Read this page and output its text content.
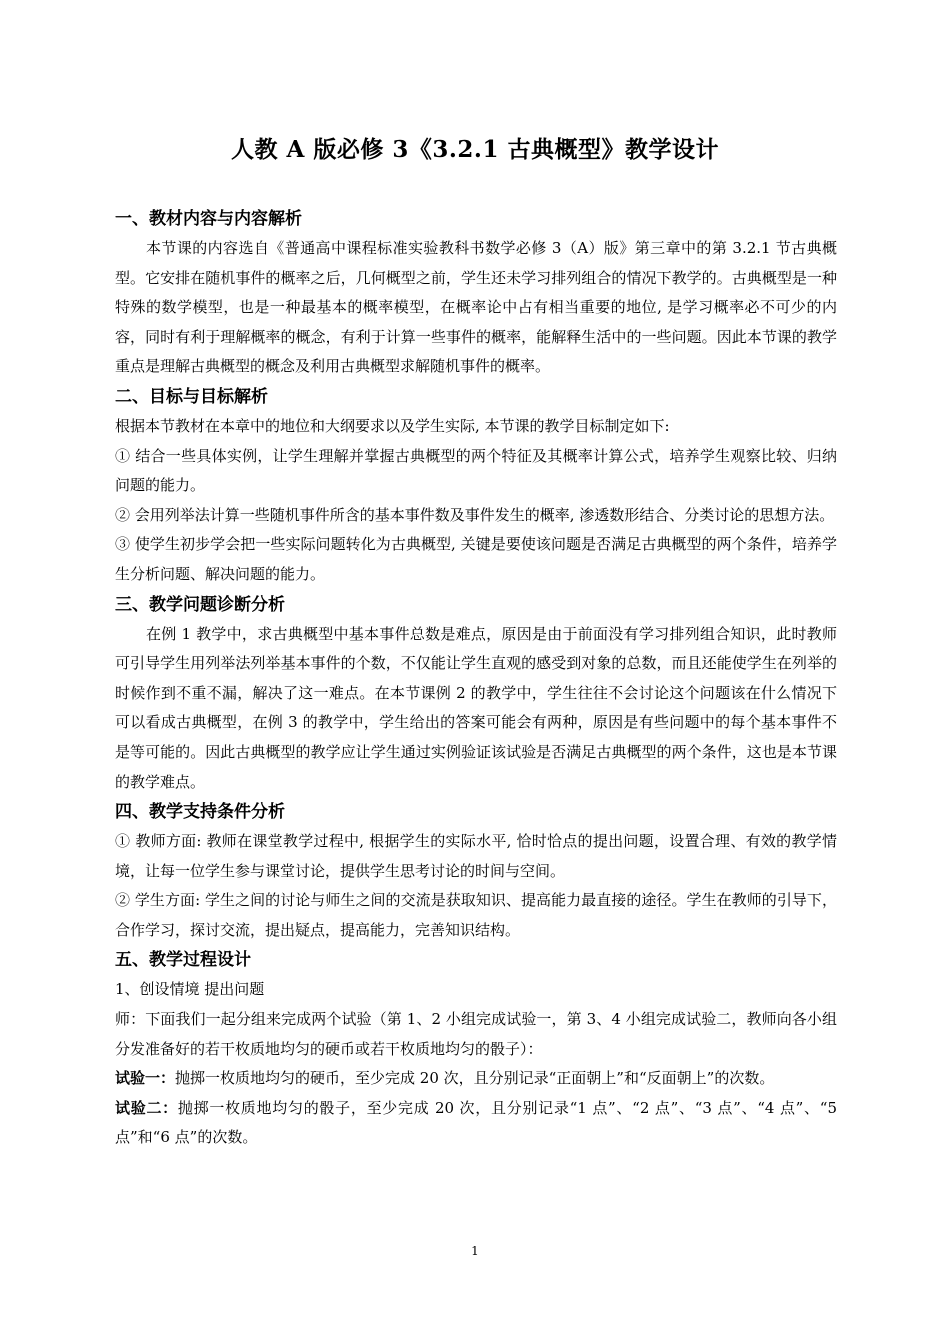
人教 A 版必修 3《3.2.1 古典概型》教学设计
一、教材内容与内容解析

本节课的内容选自《普通高中课程标准实验教科书数学必修 3（A）版》第三章中的第 3.2.1 节古典概型。它安排在随机事件的概率之后，几何概型之前，学生还未学习排列组合的情况下教学的。古典概型是一种特殊的数学模型，也是一种最基本的概率模型，在概率论中占有相当重要的地位, 是学习概率必不可少的内容，同时有利于理解概率的概念，有利于计算一些事件的概率，能解释生活中的一些问题。因此本节课的教学重点是理解古典概型的概念及利用古典概型求解随机事件的概率。

二、目标与目标解析

根据本节教材在本章中的地位和大纲要求以及学生实际, 本节课的教学目标制定如下:

① 结合一些具体实例，让学生理解并掌握古典概型的两个特征及其概率计算公式，培养学生观察比较、归纳问题的能力。

② 会用列举法计算一些随机事件所含的基本事件数及事件发生的概率, 渗透数形结合、分类讨论的思想方法。

③ 使学生初步学会把一些实际问题转化为古典概型, 关键是要使该问题是否满足古典概型的两个条件，培养学生分析问题、解决问题的能力。

三、教学问题诊断分析

在例 1 教学中，求古典概型中基本事件总数是难点，原因是由于前面没有学习排列组合知识，此时教师可引导学生用列举法列举基本事件的个数，不仅能让学生直观的感受到对象的总数，而且还能使学生在列举的时候作到不重不漏，解决了这一难点。在本节课例 2 的教学中，学生往往不会讨论这个问题该在什么情况下可以看成古典概型，在例 3 的教学中，学生给出的答案可能会有两种，原因是有些问题中的每个基本事件不是等可能的。因此古典概型的教学应让学生通过实例验证该试验是否满足古典概型的两个条件，这也是本节课的教学难点。

四、教学支持条件分析

① 教师方面: 教师在课堂教学过程中, 根据学生的实际水平, 恰时恰点的提出问题，设置合理、有效的教学情境，让每一位学生参与课堂讨论，提供学生思考讨论的时间与空间。

② 学生方面: 学生之间的讨论与师生之间的交流是获取知识、提高能力最直接的途径。学生在教师的引导下，合作学习，探讨交流，提出疑点，提高能力，完善知识结构。

五、教学过程设计

1、创设情境 提出问题

师：下面我们一起分组来完成两个试验（第 1、2 小组完成试验一，第 3、4 小组完成试验二，教师向各小组分发准备好的若干枚质地均匀的硬币或若干枚质地均匀的骰子）：

试验一：抛掷一枚质地均匀的硬币，至少完成 20 次，且分别记录“正面朝上”和“反面朝上”的次数。

试验二：抛掷一枚质地均匀的骰子，至少完成 20 次，且分别记录“1 点”、“2 点”、“3 点”、“4 点”、“5 点”和“6 点”的次数。

1
